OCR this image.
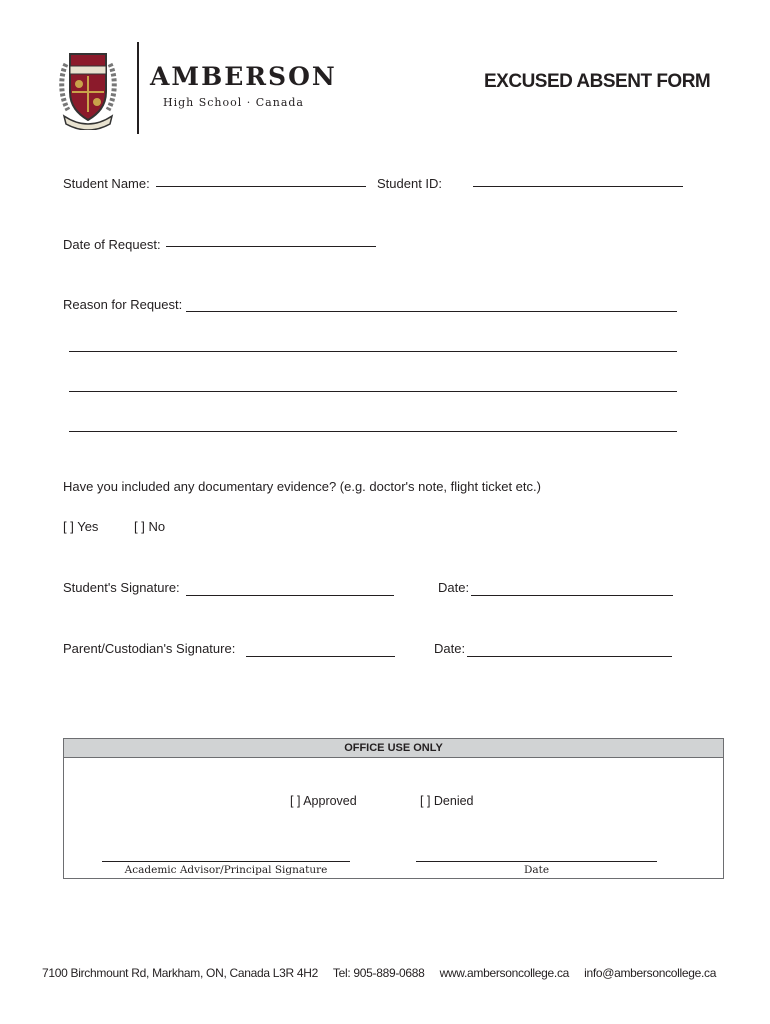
AMBERSON
High School · Canada
EXCUSED ABSENT FORM
Student Name:	Student ID:
Date of Request:
Reason for Request:
Have you included any documentary evidence? (e.g. doctor's note, flight ticket etc.)
[ ] Yes	[ ] No
Student's Signature:	Date:
Parent/Custodian's Signature:	Date:
OFFICE USE ONLY
[ ] Approved	[ ] Denied
Academic Advisor/Principal Signature	Date
7100 Birchmount Rd, Markham, ON, Canada L3R 4H2 Tel: 905-889-0688 www.ambersoncollege.ca info@ambersoncollege.ca
